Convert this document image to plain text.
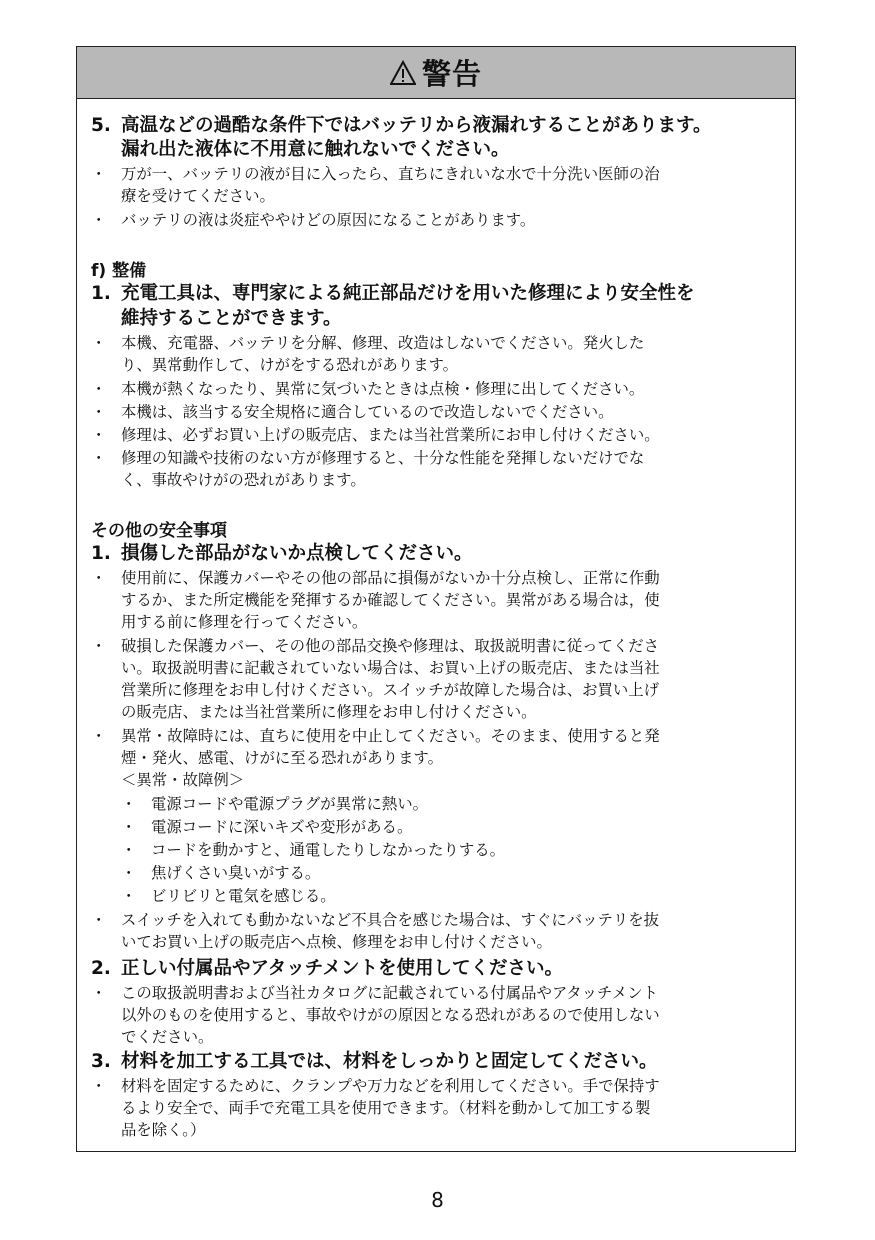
警告
5. 高温などの過酷な条件下ではバッテリから液漏れすることがあります。
漏れ出た液体に不用意に触れないでください。
・ 万が一、バッテリの液が目に入ったら、直ちにきれいな水で十分洗い医師の治
療を受けてください。
・ バッテリの液は炎症ややけどの原因になることがあります。
f) 整備
1. 充電工具は、専門家による純正部品だけを用いた修理により安全性を
維持することができます。
・ 本機、充電器、バッテリを分解、修理、改造はしないでください。発火した
り、異常動作して、けがをする恐れがあります。
・ 本機が熱くなったり、異常に気づいたときは点検・修理に出してください。
・ 本機は、該当する安全規格に適合しているので改造しないでください。
・ 修理は、必ずお買い上げの販売店、または当社営業所にお申し付けください。
・ 修理の知識や技術のない方が修理すると、十分な性能を発揮しないだけでな
く、事故やけがの恐れがあります。
その他の安全事項
1. 損傷した部品がないか点検してください。
・ 使用前に、保護カバーやその他の部品に損傷がないか十分点検し、正常に作動
するか、また所定機能を発揮するか確認してください。異常がある場合は，使
用する前に修理を行ってください。
・ 破損した保護カバー、その他の部品交換や修理は、取扱説明書に従ってくださ
い。取扱説明書に記載されていない場合は、お買い上げの販売店、または当社
営業所に修理をお申し付けください。スイッチが故障した場合は、お買い上げ
の販売店、または当社営業所に修理をお申し付けください。
・ 異常・故障時には、直ちに使用を中止してください。そのまま、使用すると発
煙・発火、感電、けがに至る恐れがあります。
＜異常・故障例＞
・ 電源コードや電源プラグが異常に熱い。
・ 電源コードに深いキズや変形がある。
・ コードを動かすと、通電したりしなかったりする。
・ 焦げくさい臭いがする。
・ ビリビリと電気を感じる。
・ スイッチを入れても動かないなど不具合を感じた場合は、すぐにバッテリを抜
いてお買い上げの販売店へ点検、修理をお申し付けください。
2. 正しい付属品やアタッチメントを使用してください。
・ この取扱説明書および当社カタログに記載されている付属品やアタッチメント
以外のものを使用すると、事故やけがの原因となる恐れがあるので使用しない
でください。
3. 材料を加工する工具では、材料をしっかりと固定してください。
・ 材料を固定するために、クランプや万力などを利用してください。手で保持す
るより安全で、両手で充電工具を使用できます。（材料を動かして加工する製
品を除く。）
8
